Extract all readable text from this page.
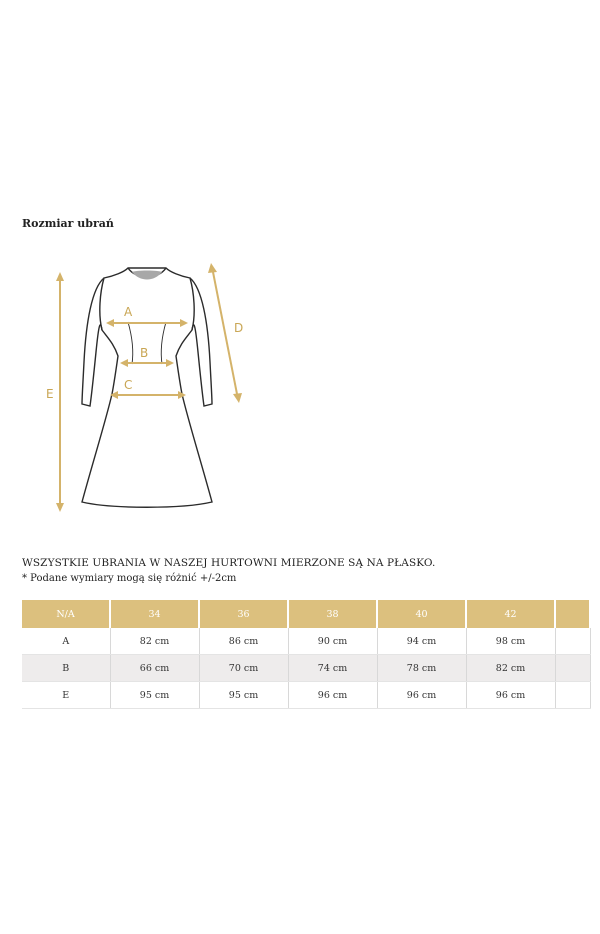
Rozmiar ubrań
A
B
C
D
E
WSZYSTKIE UBRANIA W NASZEJ HURTOWNI MIERZONE SĄ NA PŁASKO.
* Podane wymiary mogą się różnić +/-2cm
N/A	34	36	38	40	42	
A	82 cm	86 cm	90 cm	94 cm	98 cm	
B	66 cm	70 cm	74 cm	78 cm	82 cm	
E	95 cm	95 cm	96 cm	96 cm	96 cm	
